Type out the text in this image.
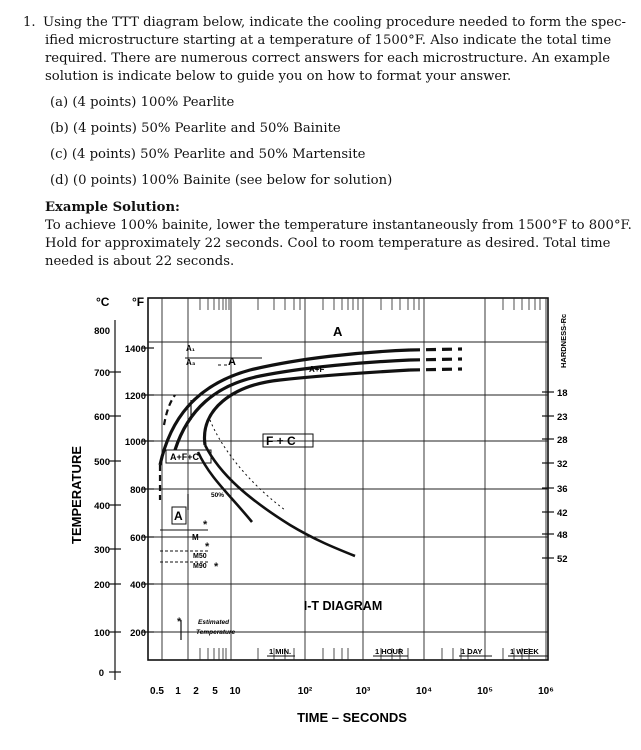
1. Using the TTT diagram below, indicate the cooling procedure needed to form the spec-
ified microstructure starting at a temperature of 1500°F. Also indicate the total time
required. There are numerous correct answers for each microstructure. An example
solution is indicate below to guide you on how to format your answer.
(a) (4 points) 100% Pearlite
(b) (4 points) 50% Pearlite and 50% Bainite
(c) (4 points) 50% Pearlite and 50% Martensite
(d) (0 points) 100% Bainite (see below for solution)
Example Solution:
To achieve 100% bainite, lower the temperature instantaneously from 1500°F to 800°F.
Hold for approximately 22 seconds. Cool to room temperature as desired. Total time
needed is about 22 seconds.
°C °F
800
700
600
500
400
300
200
100
0
1400
1200
1000
800
600
400
200
18
23
28
32
36
42
48
52
HARDNESS-Rc
TEMPERATURE
0.5 1 2 5 10	10²	10³	10⁴	10⁵	10⁶
TIME – SECONDS
I-T DIAGRAM
1 MIN.	1 HOUR	1 DAY	1 WEEK
Estimated
Temperature
*
*
*
*
A
A+F
A
A₁
A₃
F + C
A+F+C
A
50%
M
M50
M90
